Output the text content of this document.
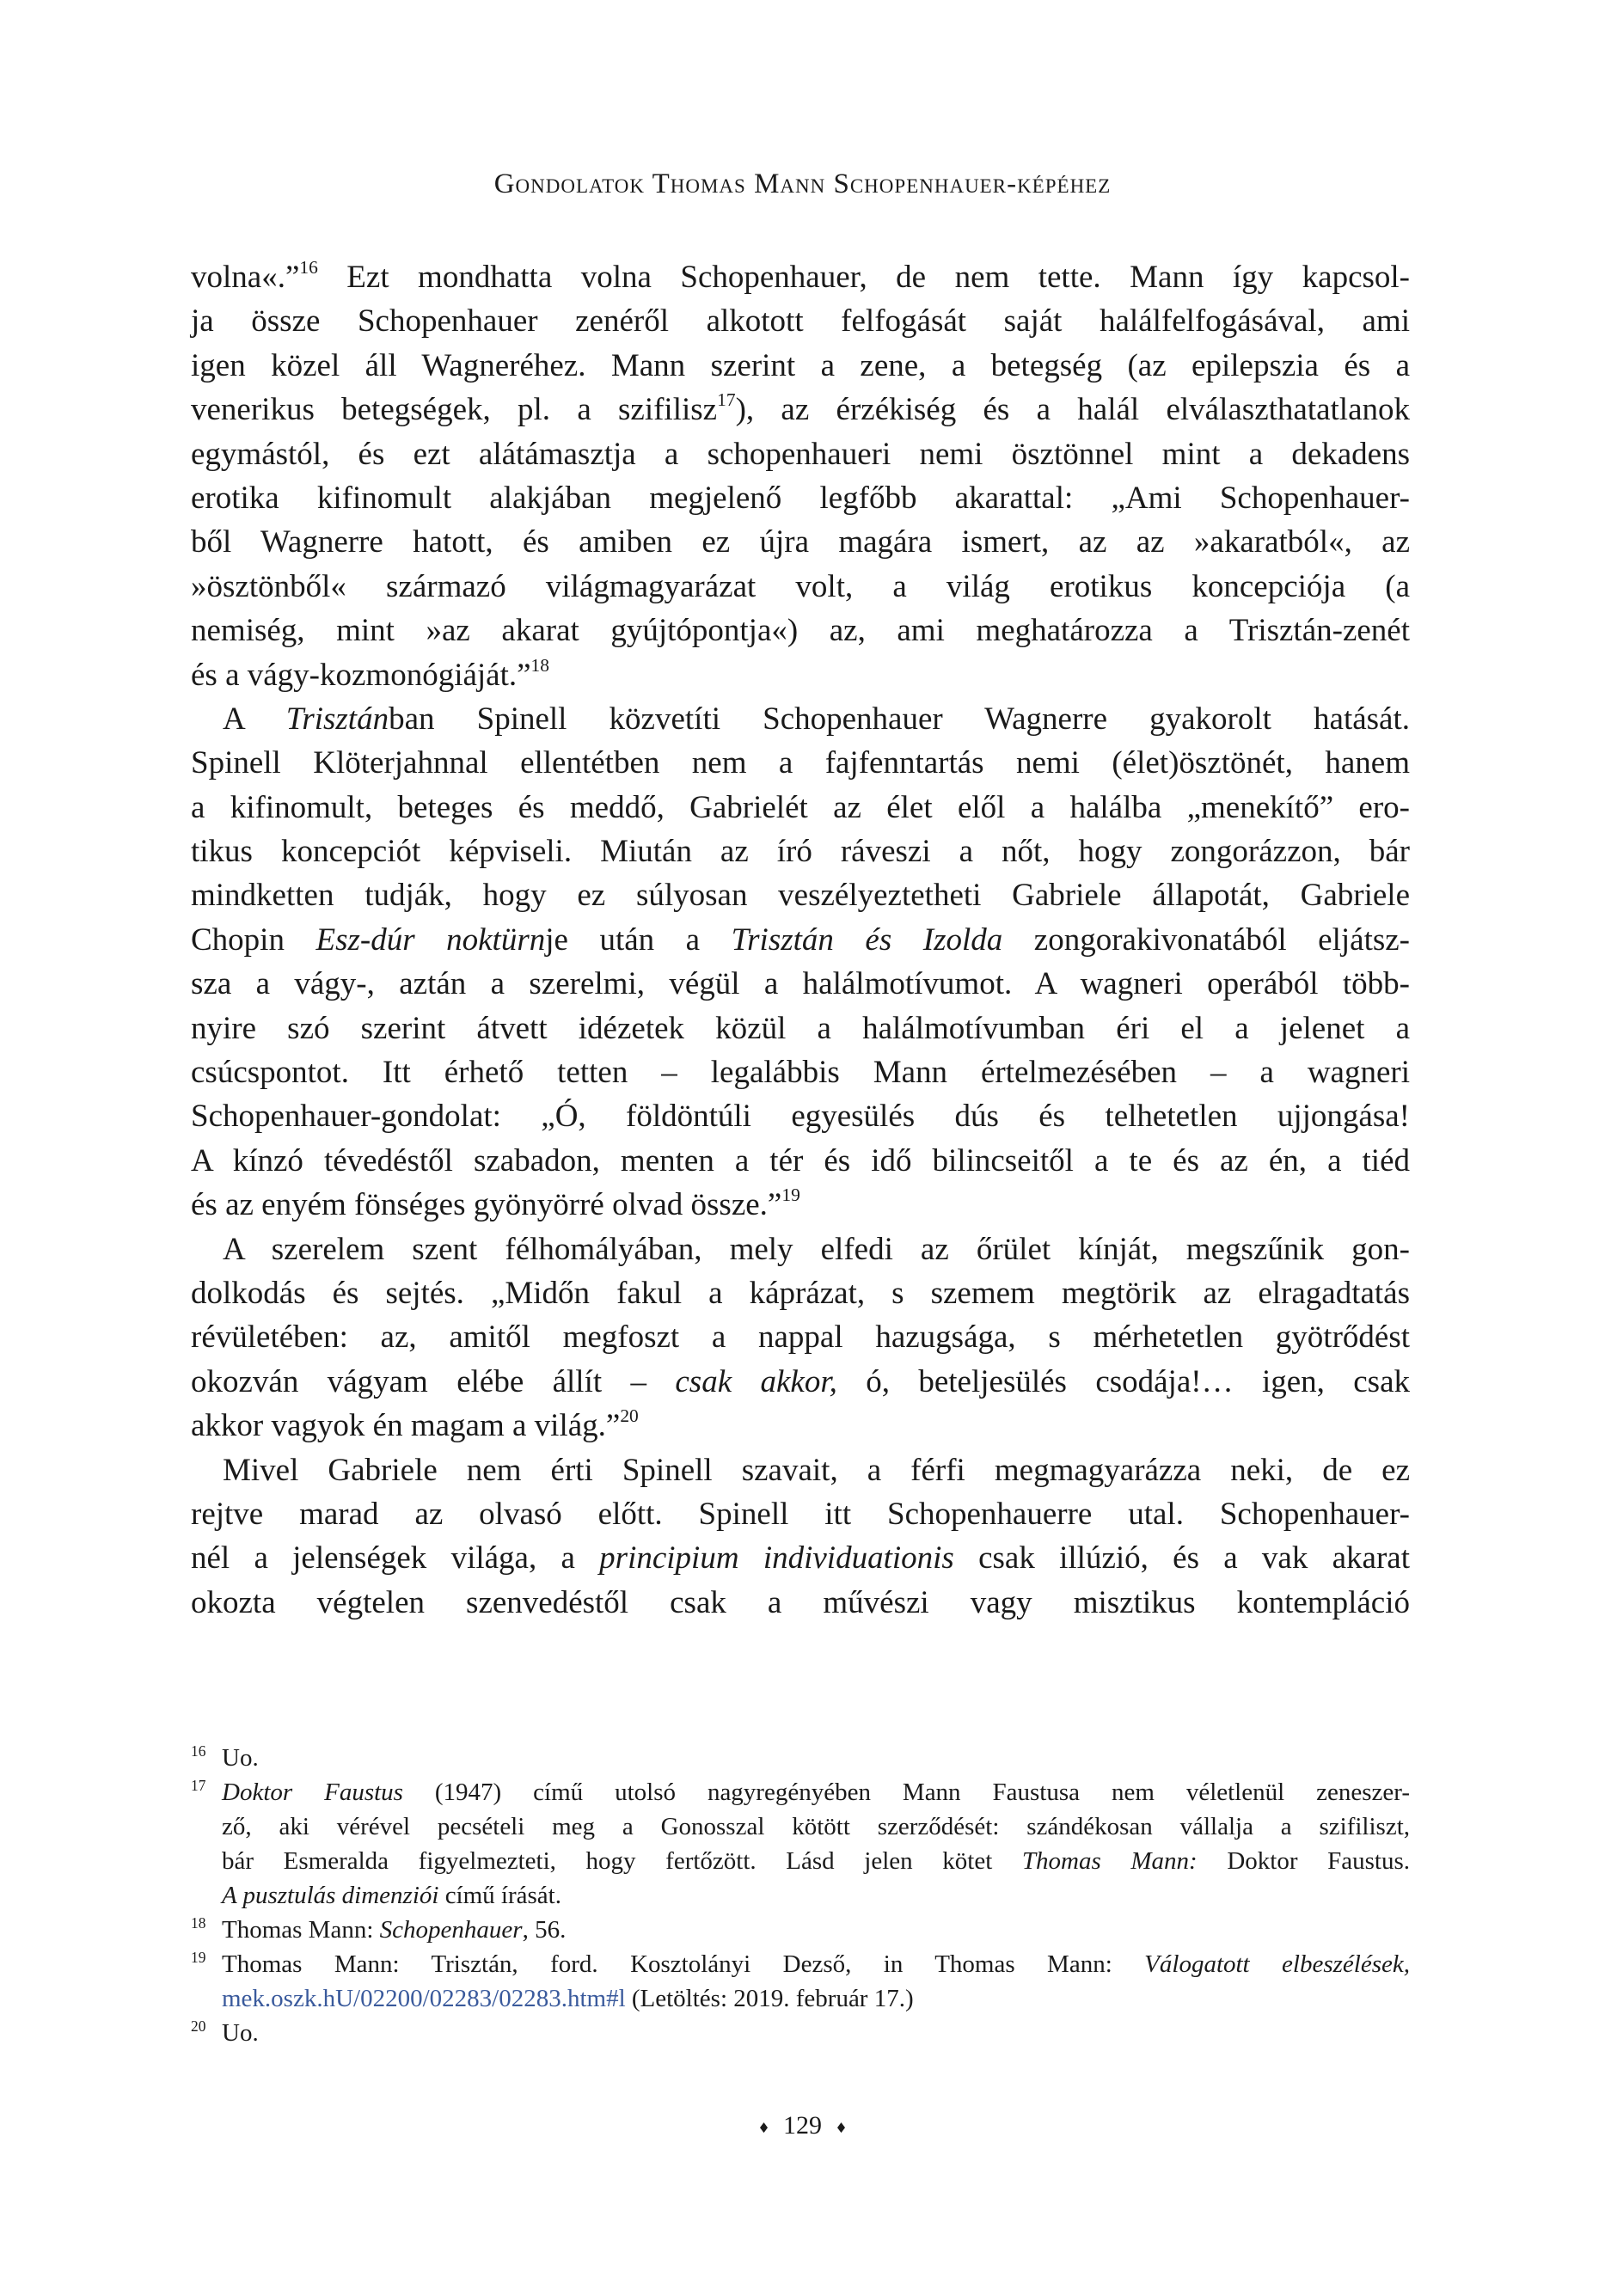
Gondolatok Thomas Mann Schopenhauer-képéhez
volna«.”$^{16}$ Ezt mondhatta volna Schopenhauer, de nem tette. Mann így kapcsol-
ja össze Schopenhauer zenéről alkotott felfogását saját halálfelfogásával, ami
igen közel áll Wagneréhez. Mann szerint a zene, a betegség (az epilepszia és a
venerikus betegségek, pl. a szifilisz$^{17}$), az érzékiség és a halál elválaszthatatlanok
egymástól, és ezt alátámasztja a schopenhaueri nemi ösztönnel mint a dekadens
erotika kifinomult alakjában megjelenő legfőbb akarattal: „Ami Schopenhauer-
ből Wagnerre hatott, és amiben ez újra magára ismert, az az »akaratból«, az
»ösztönből« származó világmagyarázat volt, a világ erotikus koncepciója (a
nemiség, mint »az akarat gyújtópontja«) az, ami meghatározza a Trisztán-zenét
és a vágy-kozmonógiáját.”$^{18}$
A Trisztánban Spinell közvetíti Schopenhauer Wagnerre gyakorolt hatását.
Spinell Klöterjahnnal ellentétben nem a fajfenntartás nemi (élet)ösztönét, hanem
a kifinomult, beteges és meddő, Gabrielét az élet elől a halálba „menekítő” ero-
tikus koncepciót képviseli. Miután az író ráveszi a nőt, hogy zongorázzon, bár
mindketten tudják, hogy ez súlyosan veszélyeztetheti Gabriele állapotát, Gabriele
Chopin Esz-dúr noktürnje után a Trisztán és Izolda zongorakivonatából eljátsz-
sza a vágy-, aztán a szerelmi, végül a halálmotívumot. A wagneri operából több-
nyire szó szerint átvett idézetek közül a halálmotívumban éri el a jelenet a
csúcspontot. Itt érhető tetten – legalábbis Mann értelmezésében – a wagneri
Schopenhauer-gondolat: „Ó, földöntúli egyesülés dús és telhetetlen ujjongása!
A kínzó tévedéstől szabadon, menten a tér és idő bilincseitől a te és az én, a tiéd
és az enyém fönséges gyönyörré olvad össze.”$^{19}$
A szerelem szent félhomályában, mely elfedi az őrület kínját, megszűnik gon-
dolkodás és sejtés. „Midőn fakul a káprázat, s szemem megtörik az elragadtatás
révületében: az, amitől megfoszt a nappal hazugsága, s mérhetetlen gyötrődést
okozván vágyam elébe állít – csak akkor, ó, beteljesülés csodája!… igen, csak
akkor vagyok én magam a világ.”$^{20}$
Mivel Gabriele nem érti Spinell szavait, a férfi megmagyarázza neki, de ez
rejtve marad az olvasó előtt. Spinell itt Schopenhauerre utal. Schopenhauer-
nél a jelenségek világa, a principium individuationis csak illúzió, és a vak akarat
okozta végtelen szenvedéstől csak a művészi vagy misztikus kontempláció
16 Uo.
17 Doktor Faustus (1947) című utolsó nagyregényében Mann Faustusa nem véletlenül zeneszer-
ző, aki vérével pecsételi meg a Gonosszal kötött szerződését: szándékosan vállalja a szifiliszt,
bár Esmeralda figyelmezteti, hogy fertőzött. Lásd jelen kötet Thomas Mann: Doktor Faustus.
A pusztulás dimenziói című írását.
18 Thomas Mann: Schopenhauer, 56.
19 Thomas Mann: Trisztán, ford. Kosztolányi Dezső, in Thomas Mann: Válogatott elbeszélések,
mek.oszk.hU/02200/02283/02283.htm#l (Letöltés: 2019. február 17.)
20 Uo.
129
